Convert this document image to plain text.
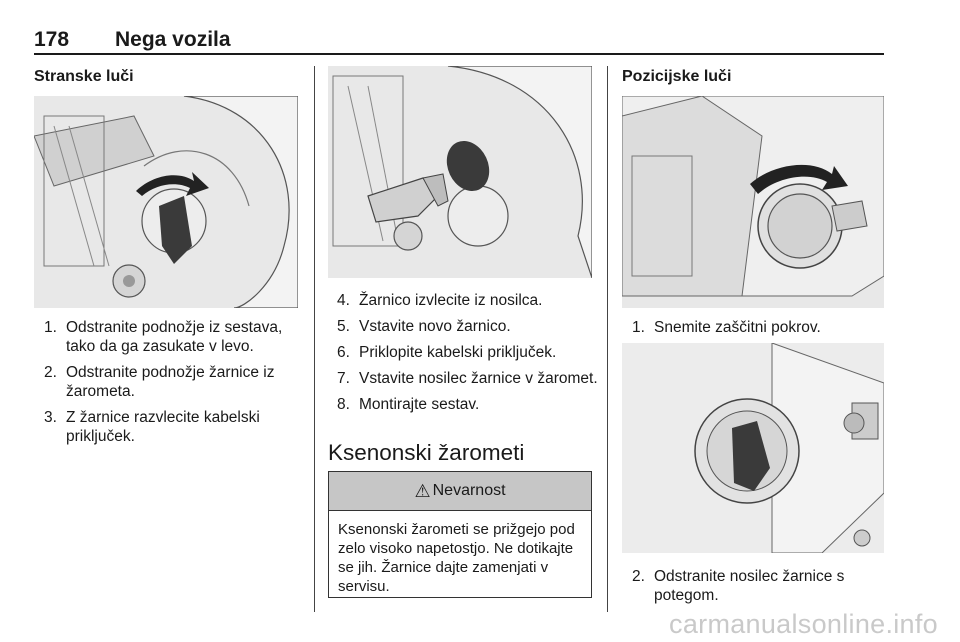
178 Nega vozila
Stranske luči
1. Odstranite podnožje iz sestava, tako da ga zasukate v levo.
2. Odstranite podnožje žarnice iz žarometa.
3. Z žarnice razvlecite kabelski priključek.
4. Žarnico izvlecite iz nosilca.
5. Vstavite novo žarnico.
6. Priklopite kabelski priključek.
7. Vstavite nosilec žarnice v žaromet.
8. Montirajte sestav.
Ksenonski žarometi
⚠ Nevarnost
Ksenonski žarometi se prižgejo pod zelo visoko napetostjo. Ne dotikajte se jih. Žarnice dajte zamenjati v servisu.
Pozicijske luči
1. Snemite zaščitni pokrov.
2. Odstranite nosilec žarnice s potegom.
carmanualsonline.info
